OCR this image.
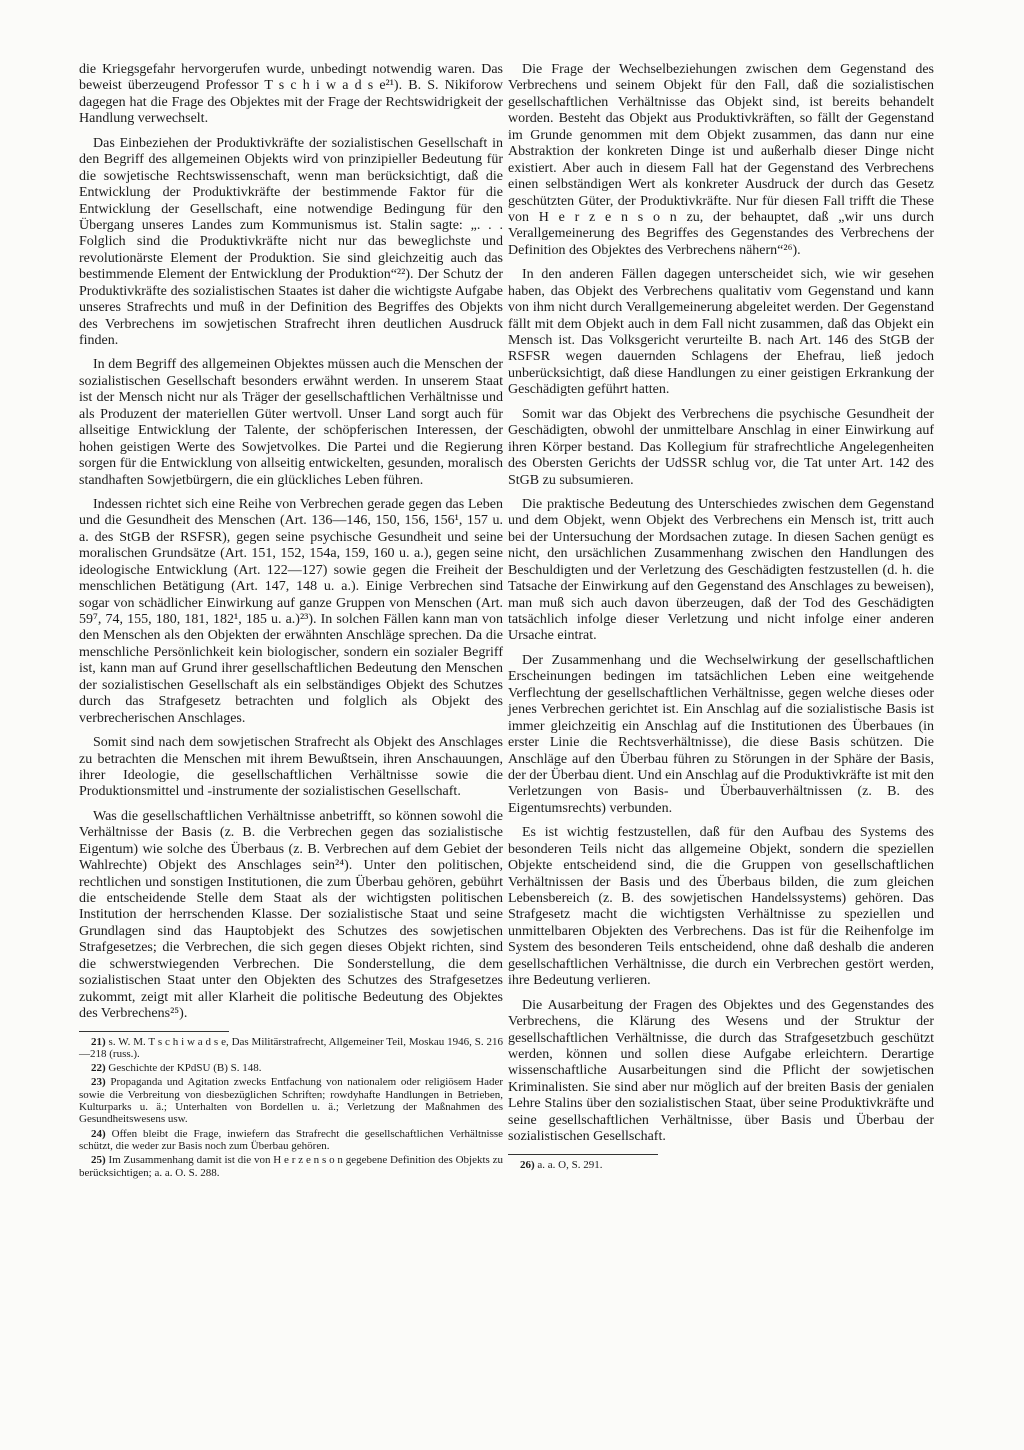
die Kriegsgefahr hervorgerufen wurde, unbedingt notwendig waren. Das beweist überzeugend Professor T s c h i w a d s e²¹). B. S. Nikiforow dagegen hat die Frage des Objektes mit der Frage der Rechtswidrigkeit der Handlung verwechselt.

Das Einbeziehen der Produktivkräfte der sozialistischen Gesellschaft in den Begriff des allgemeinen Objekts wird von prinzipieller Bedeutung für die sowjetische Rechtswissenschaft, wenn man berücksichtigt, daß die Entwicklung der Produktivkräfte der bestimmende Faktor für die Entwicklung der Gesellschaft, eine notwendige Bedingung für den Übergang unseres Landes zum Kommunismus ist. Stalin sagte: „. . . Folglich sind die Produktivkräfte nicht nur das beweglichste und revolutionärste Element der Produktion. Sie sind gleichzeitig auch das bestimmende Element der Entwicklung der Produktion“²²). Der Schutz der Produktivkräfte des sozialistischen Staates ist daher die wichtigste Aufgabe unseres Strafrechts und muß in der Definition des Begriffes des Objekts des Verbrechens im sowjetischen Strafrecht ihren deutlichen Ausdruck finden.

In dem Begriff des allgemeinen Objektes müssen auch die Menschen der sozialistischen Gesellschaft besonders erwähnt werden. In unserem Staat ist der Mensch nicht nur als Träger der gesellschaftlichen Verhältnisse und als Produzent der materiellen Güter wertvoll. Unser Land sorgt auch für allseitige Entwicklung der Talente, der schöpferischen Interessen, der hohen geistigen Werte des Sowjetvolkes. Die Partei und die Regierung sorgen für die Entwicklung von allseitig entwickelten, gesunden, moralisch standhaften Sowjetbürgern, die ein glückliches Leben führen.

Indessen richtet sich eine Reihe von Verbrechen gerade gegen das Leben und die Gesundheit des Menschen (Art. 136—146, 150, 156, 156¹, 157 u. a. des StGB der RSFSR), gegen seine psychische Gesundheit und seine moralischen Grundsätze (Art. 151, 152, 154a, 159, 160 u. a.), gegen seine ideologische Entwicklung (Art. 122—127) sowie gegen die Freiheit der menschlichen Betätigung (Art. 147, 148 u. a.). Einige Verbrechen sind sogar von schädlicher Einwirkung auf ganze Gruppen von Menschen (Art. 59⁷, 74, 155, 180, 181, 182¹, 185 u. a.)²³). In solchen Fällen kann man von den Menschen als den Objekten der erwähnten Anschläge sprechen. Da die menschliche Persönlichkeit kein biologischer, sondern ein sozialer Begriff ist, kann man auf Grund ihrer gesellschaftlichen Bedeutung den Menschen der sozialistischen Gesellschaft als ein selbständiges Objekt des Schutzes durch das Strafgesetz betrachten und folglich als Objekt des verbrecherischen Anschlages.

Somit sind nach dem sowjetischen Strafrecht als Objekt des Anschlages zu betrachten die Menschen mit ihrem Bewußtsein, ihren Anschauungen, ihrer Ideologie, die gesellschaftlichen Verhältnisse sowie die Produktionsmittel und -instrumente der sozialistischen Gesellschaft.

Was die gesellschaftlichen Verhältnisse anbetrifft, so können sowohl die Verhältnisse der Basis (z. B. die Verbrechen gegen das sozialistische Eigentum) wie solche des Überbaus (z. B. Verbrechen auf dem Gebiet der Wahlrechte) Objekt des Anschlages sein²⁴). Unter den politischen, rechtlichen und sonstigen Institutionen, die zum Überbau gehören, gebührt die entscheidende Stelle dem Staat als der wichtigsten politischen Institution der herrschenden Klasse. Der sozialistische Staat und seine Grundlagen sind das Hauptobjekt des Schutzes des sowjetischen Strafgesetzes; die Verbrechen, die sich gegen dieses Objekt richten, sind die schwerstwiegenden Verbrechen. Die Sonderstellung, die dem sozialistischen Staat unter den Objekten des Schutzes des Strafgesetzes zukommt, zeigt mit aller Klarheit die politische Bedeutung des Objektes des Verbrechens²⁵).

21) s. W. M. T s c h i w a d s e, Das Militärstrafrecht, Allgemeiner Teil, Moskau 1946, S. 216—218 (russ.).

22) Geschichte der KPdSU (B) S. 148.

23) Propaganda und Agitation zwecks Entfachung von nationalem oder religiösem Hader sowie die Verbreitung von diesbezüglichen Schriften; rowdyhafte Handlungen in Betrieben, Kulturparks u. ä.; Unterhalten von Bordellen u. ä.; Verletzung der Maßnahmen des Gesundheitswesens usw.

24) Offen bleibt die Frage, inwiefern das Strafrecht die gesellschaftlichen Verhältnisse schützt, die weder zur Basis noch zum Überbau gehören.

25) Im Zusammenhang damit ist die von H e r z e n s o n gegebene Definition des Objekts zu berücksichtigen; a. a. O. S. 288.

Die Frage der Wechselbeziehungen zwischen dem Gegenstand des Verbrechens und seinem Objekt für den Fall, daß die sozialistischen gesellschaftlichen Verhältnisse das Objekt sind, ist bereits behandelt worden. Besteht das Objekt aus Produktivkräften, so fällt der Gegenstand im Grunde genommen mit dem Objekt zusammen, das dann nur eine Abstraktion der konkreten Dinge ist und außerhalb dieser Dinge nicht existiert. Aber auch in diesem Fall hat der Gegenstand des Verbrechens einen selbständigen Wert als konkreter Ausdruck der durch das Gesetz geschützten Güter, der Produktivkräfte. Nur für diesen Fall trifft die These von H e r z e n s o n zu, der behauptet, daß „wir uns durch Verallgemeinerung des Begriffes des Gegenstandes des Verbrechens der Definition des Objektes des Verbrechens nähern“²⁶).

In den anderen Fällen dagegen unterscheidet sich, wie wir gesehen haben, das Objekt des Verbrechens qualitativ vom Gegenstand und kann von ihm nicht durch Verallgemeinerung abgeleitet werden. Der Gegenstand fällt mit dem Objekt auch in dem Fall nicht zusammen, daß das Objekt ein Mensch ist. Das Volksgericht verurteilte B. nach Art. 146 des StGB der RSFSR wegen dauernden Schlagens der Ehefrau, ließ jedoch unberücksichtigt, daß diese Handlungen zu einer geistigen Erkrankung der Geschädigten geführt hatten.

Somit war das Objekt des Verbrechens die psychische Gesundheit der Geschädigten, obwohl der unmittelbare Anschlag in einer Einwirkung auf ihren Körper bestand. Das Kollegium für strafrechtliche Angelegenheiten des Obersten Gerichts der UdSSR schlug vor, die Tat unter Art. 142 des StGB zu subsumieren.

Die praktische Bedeutung des Unterschiedes zwischen dem Gegenstand und dem Objekt, wenn Objekt des Verbrechens ein Mensch ist, tritt auch bei der Untersuchung der Mordsachen zutage. In diesen Sachen genügt es nicht, den ursächlichen Zusammenhang zwischen den Handlungen des Beschuldigten und der Verletzung des Geschädigten festzustellen (d. h. die Tatsache der Einwirkung auf den Gegenstand des Anschlages zu beweisen), man muß sich auch davon überzeugen, daß der Tod des Geschädigten tatsächlich infolge dieser Verletzung und nicht infolge einer anderen Ursache eintrat.

Der Zusammenhang und die Wechselwirkung der gesellschaftlichen Erscheinungen bedingen im tatsächlichen Leben eine weitgehende Verflechtung der gesellschaftlichen Verhältnisse, gegen welche dieses oder jenes Verbrechen gerichtet ist. Ein Anschlag auf die sozialistische Basis ist immer gleichzeitig ein Anschlag auf die Institutionen des Überbaues (in erster Linie die Rechtsverhältnisse), die diese Basis schützen. Die Anschläge auf den Überbau führen zu Störungen in der Sphäre der Basis, der der Überbau dient. Und ein Anschlag auf die Produktivkräfte ist mit den Verletzungen von Basis- und Überbauverhältnissen (z. B. des Eigentumsrechts) verbunden.

Es ist wichtig festzustellen, daß für den Aufbau des Systems des besonderen Teils nicht das allgemeine Objekt, sondern die speziellen Objekte entscheidend sind, die die Gruppen von gesellschaftlichen Verhältnissen der Basis und des Überbaus bilden, die zum gleichen Lebensbereich (z. B. des sowjetischen Handelssystems) gehören. Das Strafgesetz macht die wichtigsten Verhältnisse zu speziellen und unmittelbaren Objekten des Verbrechens. Das ist für die Reihenfolge im System des besonderen Teils entscheidend, ohne daß deshalb die anderen gesellschaftlichen Verhältnisse, die durch ein Verbrechen gestört werden, ihre Bedeutung verlieren.

Die Ausarbeitung der Fragen des Objektes und des Gegenstandes des Verbrechens, die Klärung des Wesens und der Struktur der gesellschaftlichen Verhältnisse, die durch das Strafgesetzbuch geschützt werden, können und sollen diese Aufgabe erleichtern. Derartige wissenschaftliche Ausarbeitungen sind die Pflicht der sowjetischen Kriminalisten. Sie sind aber nur möglich auf der breiten Basis der genialen Lehre Stalins über den sozialistischen Staat, über seine Produktivkräfte und seine gesellschaftlichen Verhältnisse, über Basis und Überbau der sozialistischen Gesellschaft.

26) a. a. O, S. 291.
